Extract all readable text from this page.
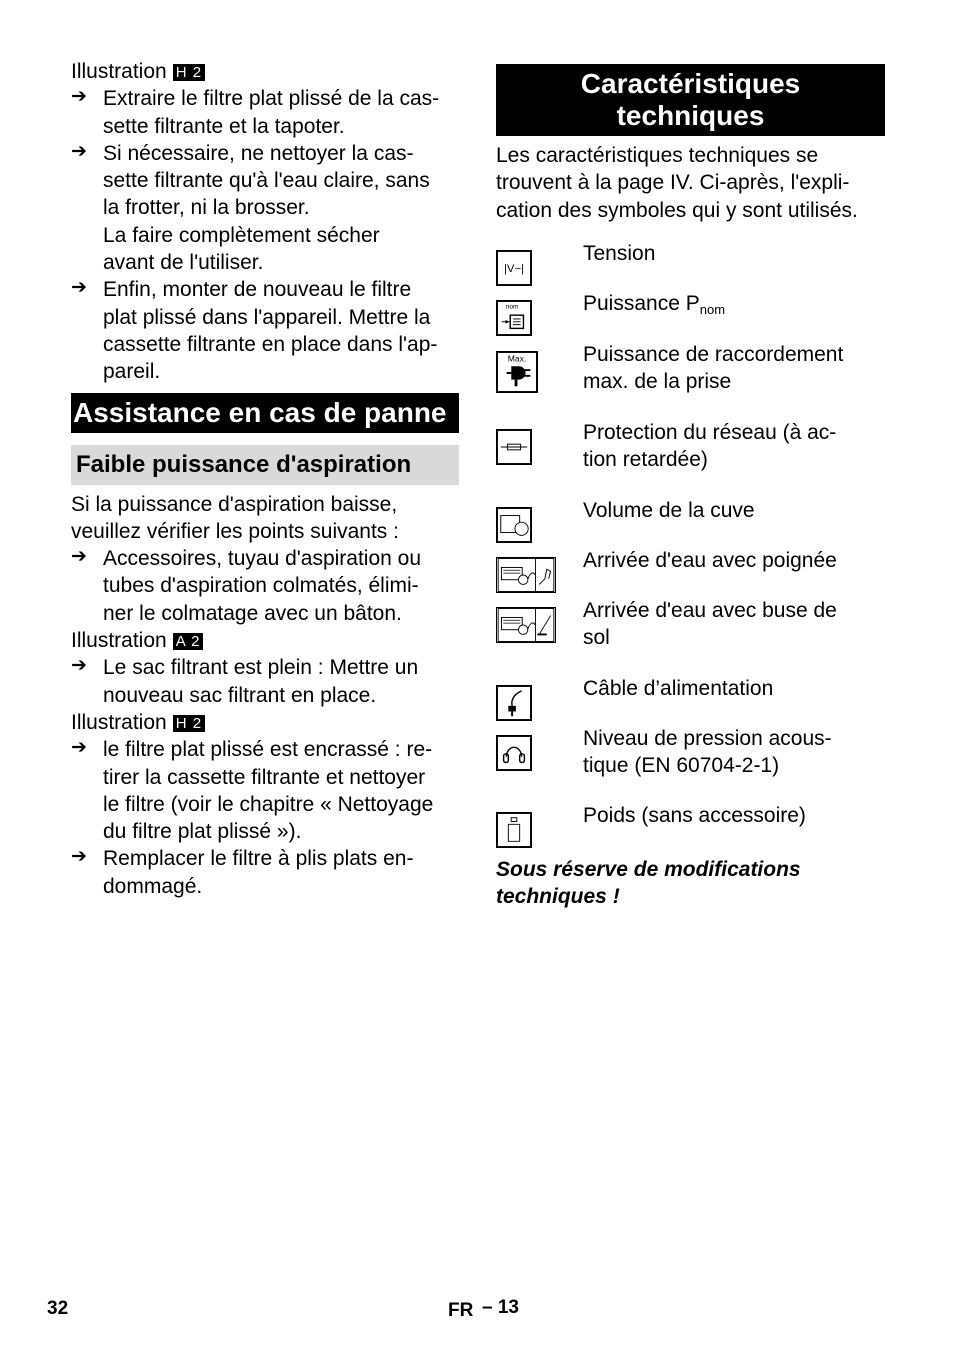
Illustration H 2
➔ Extraire le filtre plat plissé de la cas-
sette filtrante et la tapoter.
➔ Si nécessaire, ne nettoyer la cas-
sette filtrante qu'à l'eau claire, sans
la frotter, ni la brosser.
La faire complètement sécher
avant de l'utiliser.
➔ Enfin, monter de nouveau le filtre
plat plissé dans l'appareil. Mettre la
cassette filtrante en place dans l'ap-
pareil.
Assistance en cas de panne
Faible puissance d'aspiration
Si la puissance d'aspiration baisse,
veuillez vérifier les points suivants :
➔ Accessoires, tuyau d'aspiration ou
tubes d'aspiration colmatés, élimi-
ner le colmatage avec un bâton.
Illustration A 2
➔ Le sac filtrant est plein : Mettre un
nouveau sac filtrant en place.
Illustration H 2
➔ le filtre plat plissé est encrassé : re-
tirer la cassette filtrante et nettoyer
le filtre (voir le chapitre « Nettoyage
du filtre plat plissé »).
➔ Remplacer le filtre à plis plats en-
dommagé.
Caractéristiques
techniques
Les caractéristiques techniques se
trouvent à la page IV. Ci-après, l'expli-
cation des symboles qui y sont utilisés.
|V~|	Tension

nom	Puissance $P_{nom}$

Max.	Puissance de raccordement
max. de la prise

Protection du réseau (à ac-
tion retardée)

Volume de la cuve

Arrivée d'eau avec poignée

Arrivée d'eau avec buse de
sol

Câble d’alimentation

Niveau de pression acous-
tique (EN 60704-2-1)

Poids (sans accessoire)
Sous réserve de modifications
techniques !
32	FR – 13
